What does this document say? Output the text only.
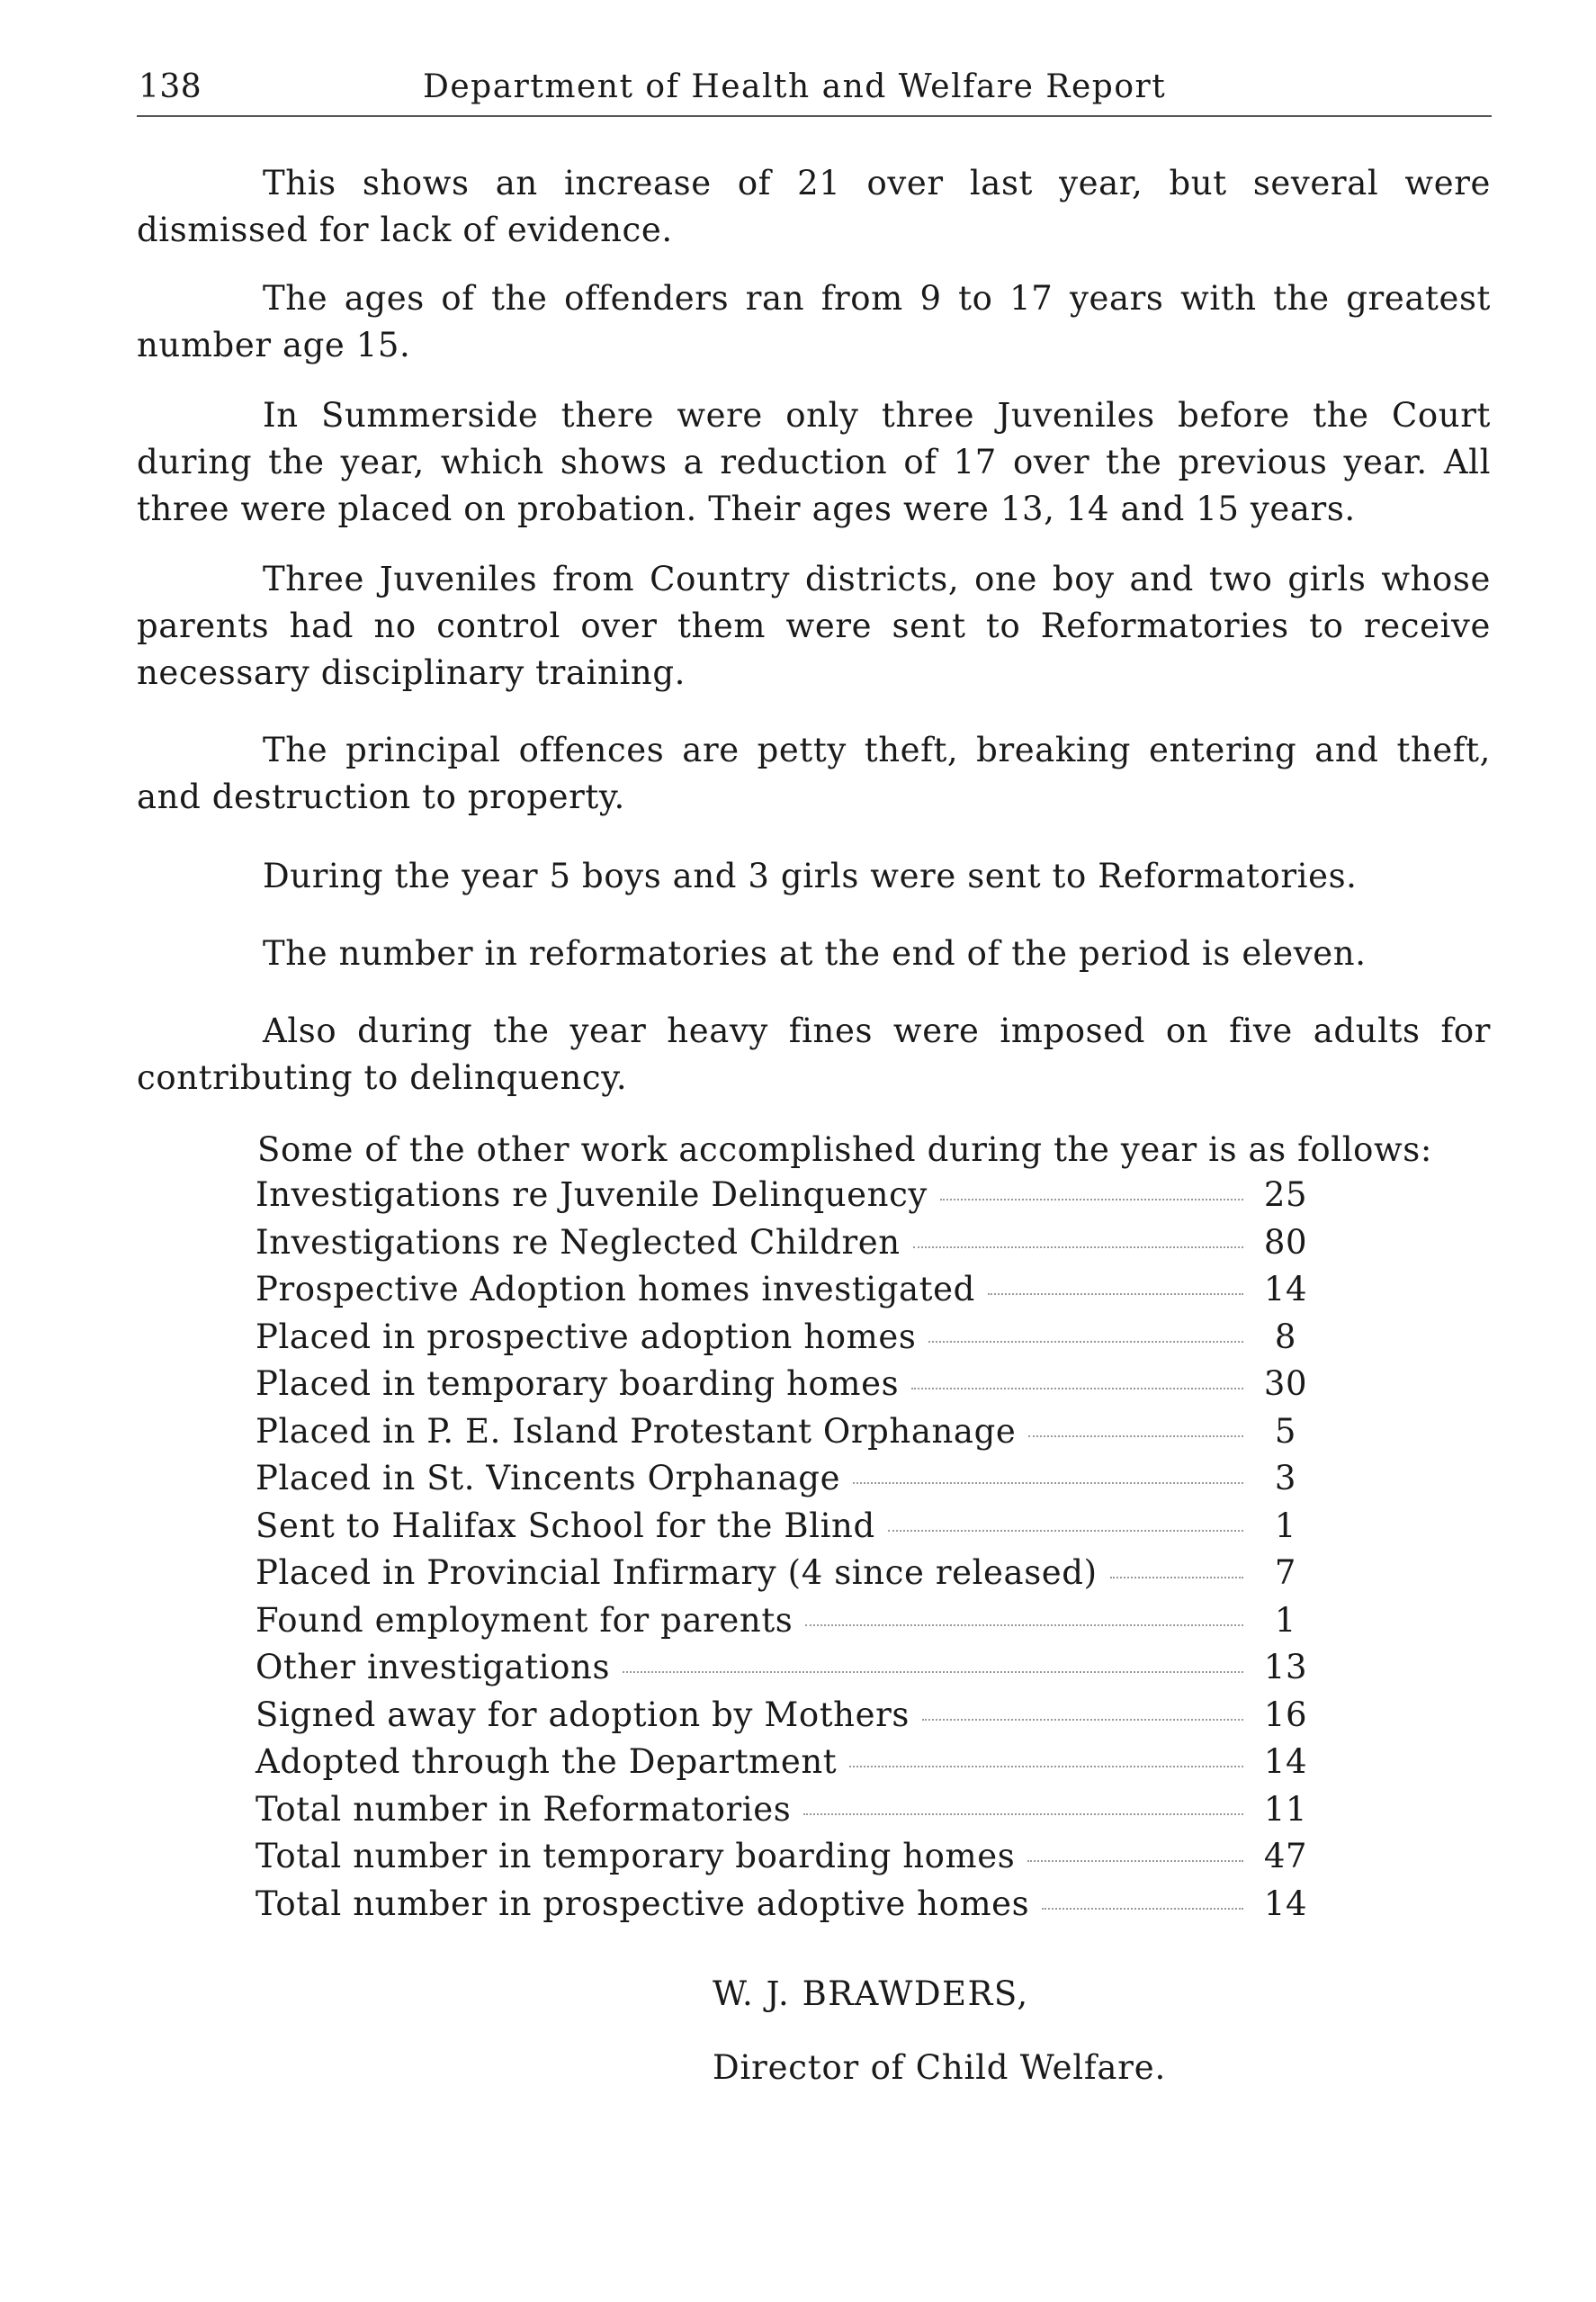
138	Department of Health and Welfare Report

This shows an increase of 21 over last year, but several were dismissed for lack of evidence.

The ages of the offenders ran from 9 to 17 years with the greatest number age 15.

In Summerside there were only three Juveniles before the Court during the year, which shows a reduction of 17 over the previous year. All three were placed on probation. Their ages were 13, 14 and 15 years.

Three Juveniles from Country districts, one boy and two girls whose parents had no control over them were sent to Reformatories to receive necessary disciplinary training.

The principal offences are petty theft, breaking entering and theft, and destruction to property.

During the year 5 boys and 3 girls were sent to Reformatories.

The number in reformatories at the end of the period is eleven.

Also during the year heavy fines were imposed on five adults for contributing to delinquency.

Some of the other work accomplished during the year is as follows:
Investigations re Juvenile Delinquency	25
Investigations re Neglected Children	80
Prospective Adoption homes investigated	14
Placed in prospective adoption homes	8
Placed in temporary boarding homes	30
Placed in P. E. Island Protestant Orphanage	5
Placed in St. Vincents Orphanage	3
Sent to Halifax School for the Blind	1
Placed in Provincial Infirmary (4 since released)	7
Found employment for parents	1
Other investigations	13
Signed away for adoption by Mothers	16
Adopted through the Department	14
Total number in Reformatories	11
Total number in temporary boarding homes	47
Total number in prospective adoptive homes	14
W. J. BRAWDERS,
Director of Child Welfare.
